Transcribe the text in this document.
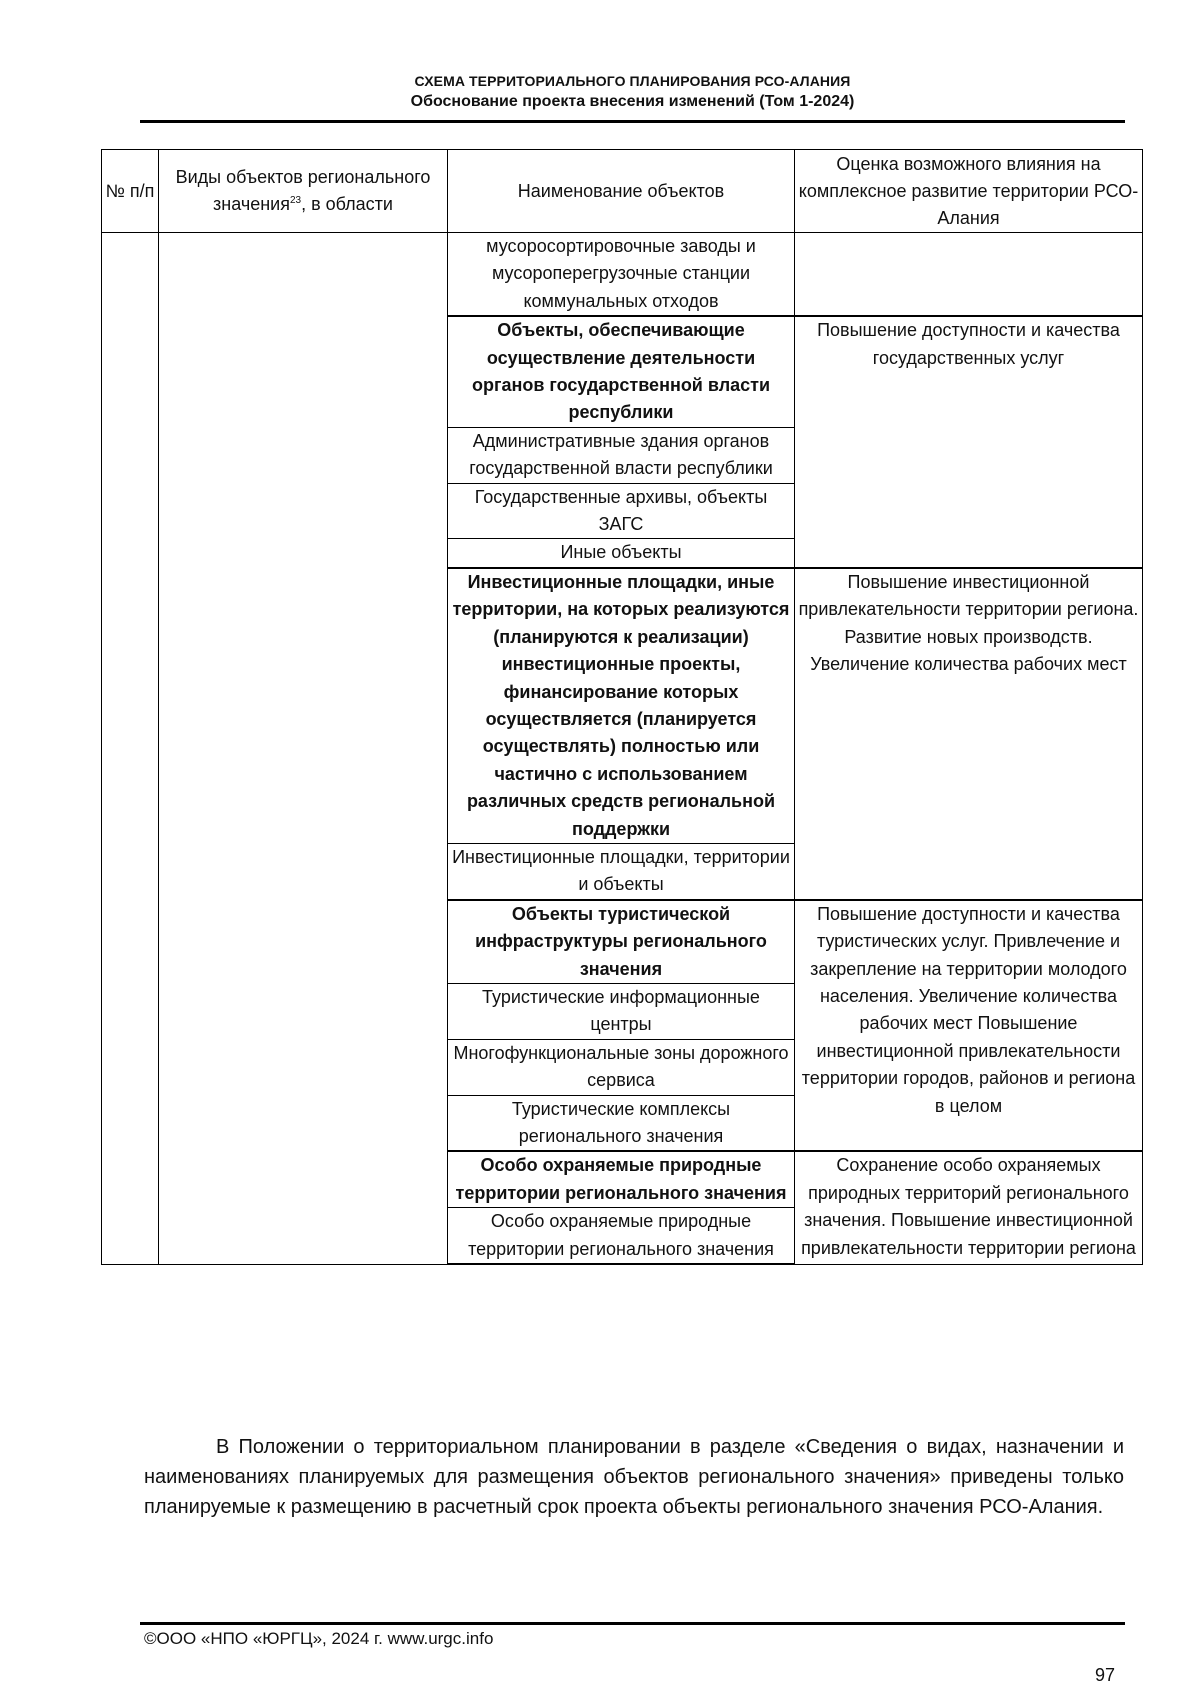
СХЕМА ТЕРРИТОРИАЛЬНОГО ПЛАНИРОВАНИЯ РСО-АЛАНИЯ
Обоснование проекта внесения изменений (Том 1-2024)
№ п/п	Виды объектов регионального значения$^{23}$, в области	Наименование объектов	Оценка возможного влияния на комплексное развитие территории РСО-Алания
		мусоросортировочные заводы и мусороперегрузочные станции коммунальных отходов	
		Объекты, обеспечивающие осуществление деятельности органов государственной власти республики	Повышение доступности и качества государственных услуг
		Административные здания органов государственной власти республики	
		Государственные архивы, объекты ЗАГС	
		Иные объекты	
		Инвестиционные площадки, иные территории, на которых реализуются (планируются к реализации) инвестиционные проекты, финансирование которых осуществляется (планируется осуществлять) полностью или частично с использованием различных средств региональной поддержки	Повышение инвестиционной привлекательности территории региона. Развитие новых производств. Увеличение количества рабочих мест
		Инвестиционные площадки, территории и объекты	
		Объекты туристической инфраструктуры регионального значения	Повышение доступности и качества туристических услуг. Привлечение и закрепление на территории молодого населения. Увеличение количества рабочих мест Повышение инвестиционной привлекательности территории городов, районов и региона в целом
		Туристические информационные центры	
		Многофункциональные зоны дорожного сервиса	
		Туристические комплексы регионального значения	
		Особо охраняемые природные территории регионального значения	Сохранение особо охраняемых природных территорий регионального значения. Повышение инвестиционной привлекательности территории региона
		Особо охраняемые природные территории регионального значения	

В Положении о территориальном планировании в разделе «Сведения о видах, назначении и наименованиях планируемых для размещения объектов регионального значения» приведены только планируемые к размещению в расчетный срок проекта объекты регионального значения РСО-Алания.
©ООО «НПО «ЮРГЦ», 2024 г. www.urgc.info
97
